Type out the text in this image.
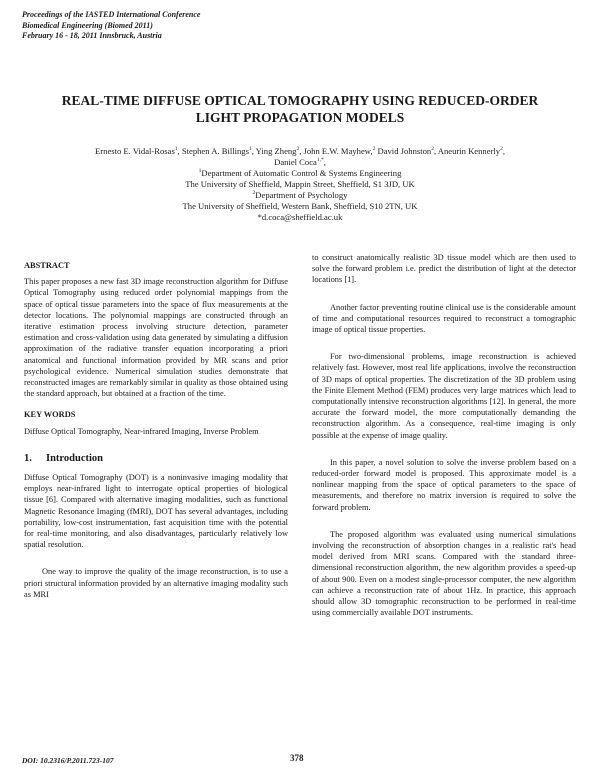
Proceedings of the IASTED International Conference
Biomedical Engineering (Biomed 2011)
February 16 - 18, 2011 Innsbruck, Austria
REAL-TIME DIFFUSE OPTICAL TOMOGRAPHY USING REDUCED-ORDER
LIGHT PROPAGATION MODELS
Ernesto E. Vidal-Rosas$^1$, Stephen A. Billings$^1$, Ying Zheng$^2$, John E.W. Mayhew,$^2$ David Johnston$^2$, Aneurin Kennerly$^2$,
Daniel Coca$^{1,*}$,
$^1$Department of Automatic Control & Systems Engineering
The University of Sheffield, Mappin Street, Sheffield, S1 3JD, UK
$^2$Department of Psychology
The University of Sheffield, Western Bank, Sheffield, S10 2TN, UK
*d.coca@sheffield.ac.uk
ABSTRACT

This paper proposes a new fast 3D image reconstruction algorithm for Diffuse Optical Tomography using reduced order polynomial mappings from the space of optical tissue parameters into the space of flux measurements at the detector locations. The polynomial mappings are constructed through an iterative estimation process involving structure detection, parameter estimation and cross-validation using data generated by simulating a diffusion approximation of the radiative transfer equation incorporating a priori anatomical and functional information provided by MR scans and prior psychological evidence. Numerical simulation studies demonstrate that reconstructed images are remarkably similar in quality as those obtained using the standard approach, but obtained at a fraction of the time.

KEY WORDS

Diffuse Optical Tomography, Near-infrared Imaging, Inverse Problem

1. Introduction

Diffuse Optical Tomography (DOT) is a noninvasive imaging modality that employs near-infrared light to interrogate optical properties of biological tissue [6]. Compared with alternative imaging modalities, such as functional Magnetic Resonance Imaging (fMRI), DOT has several advantages, including portability, low-cost instrumentation, fast acquisition time with the potential for real-time monitoring, and also disadvantages, particularly relatively low spatial resolution.

One way to improve the quality of the image reconstruction, is to use a priori structural information provided by an alternative imaging modality such as MRI

to construct anatomically realistic 3D tissue model which are then used to solve the forward problem i.e. predict the distribution of light at the detector locations [1].

Another factor preventing routine clinical use is the considerable amount of time and computational resources required to reconstruct a tomographic image of optical tissue properties.

For two-dimensional problems, image reconstruction is achieved relatively fast. However, most real life applications, involve the reconstruction of 3D maps of optical properties. The discretization of the 3D problem using the Finite Element Method (FEM) produces very large matrices which lead to computationally intensive reconstruction algorithms [12]. In general, the more accurate the forward model, the more computationally demanding the reconstruction algorithm. As a consequence, real-time imaging is only possible at the expense of image quality.

In this paper, a novel solution to solve the inverse problem based on a reduced-order forward model is proposed. This approximate model is a nonlinear mapping from the space of optical parameters to the space of measurements, and therefore no matrix inversion is required to solve the forward problem.

The proposed algorithm was evaluated using numerical simulations involving the reconstruction of absorption changes in a realistic rat's head model derived from MRI scans. Compared with the standard three-dimensional reconstruction algorithm, the new algorithm provides a speed-up of about 900. Even on a modest single-processor computer, the new algorithm can achieve a reconstruction rate of about 1Hz. In practice, this approach should allow 3D tomographic reconstruction to be performed in real-time using commercially available DOT instruments.

DOI: 10.2316/P.2011.723-107	378
